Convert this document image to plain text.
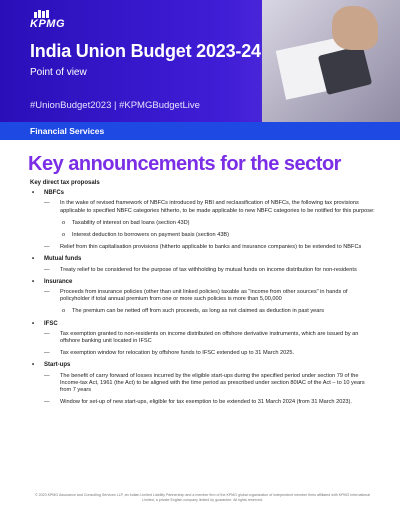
KPMG
India Union Budget 2023-24
Point of view
#UnionBudget2023 | #KPMGBudgetLive
Financial Services
Key announcements for the sector
Key direct tax proposals
• NBFCs
— In the wake of revised framework of NBFCs introduced by RBI and reclassification of NBFCs, the following tax provisions applicable to specified NBFC categories hitherto, to be made applicable to new NBFC categories to be notified for this purpose:
o Taxability of interest on bad loans (section 43D)
o Interest deduction to borrowers on payment basis (section 43B)
— Relief from thin capitalisation provisions (hitherto applicable to banks and insurance companies) to be extended to NBFCs
• Mutual funds
— Treaty relief to be considered for the purpose of tax withholding by mutual funds on income distribution for non-residents
• Insurance
— Proceeds from insurance policies (other than unit linked policies) taxable as "income from other sources" in hands of policyholder if total annual premium from one or more such policies is more than 5,00,000
o The premium can be netted off from such proceeds, as long as not claimed as deduction in past years
• IFSC
— Tax exemption granted to non-residents on income distributed on offshore derivative instruments, which are issued by an offshore banking unit located in IFSC
— Tax exemption window for relocation by offshore funds to IFSC extended up to 31 March 2025.
• Start-ups
— The benefit of carry forward of losses incurred by the eligible start-ups during the specified period under section 79 of the Income-tax Act, 1961 (the Act) to be aligned with the time period as prescribed under section 80IAC of the Act – to 10 years from 7 years
— Window for set-up of new start-ups, eligible for tax exemption to be extended to 31 March 2024 (from 31 March 2023).
© 2023 KPMG Assurance and Consulting Services LLP, an Indian Limited Liability Partnership and a member firm of the KPMG global organization of independent member firms affiliated with KPMG International Limited, a private English company limited by guarantee. All rights reserved.
